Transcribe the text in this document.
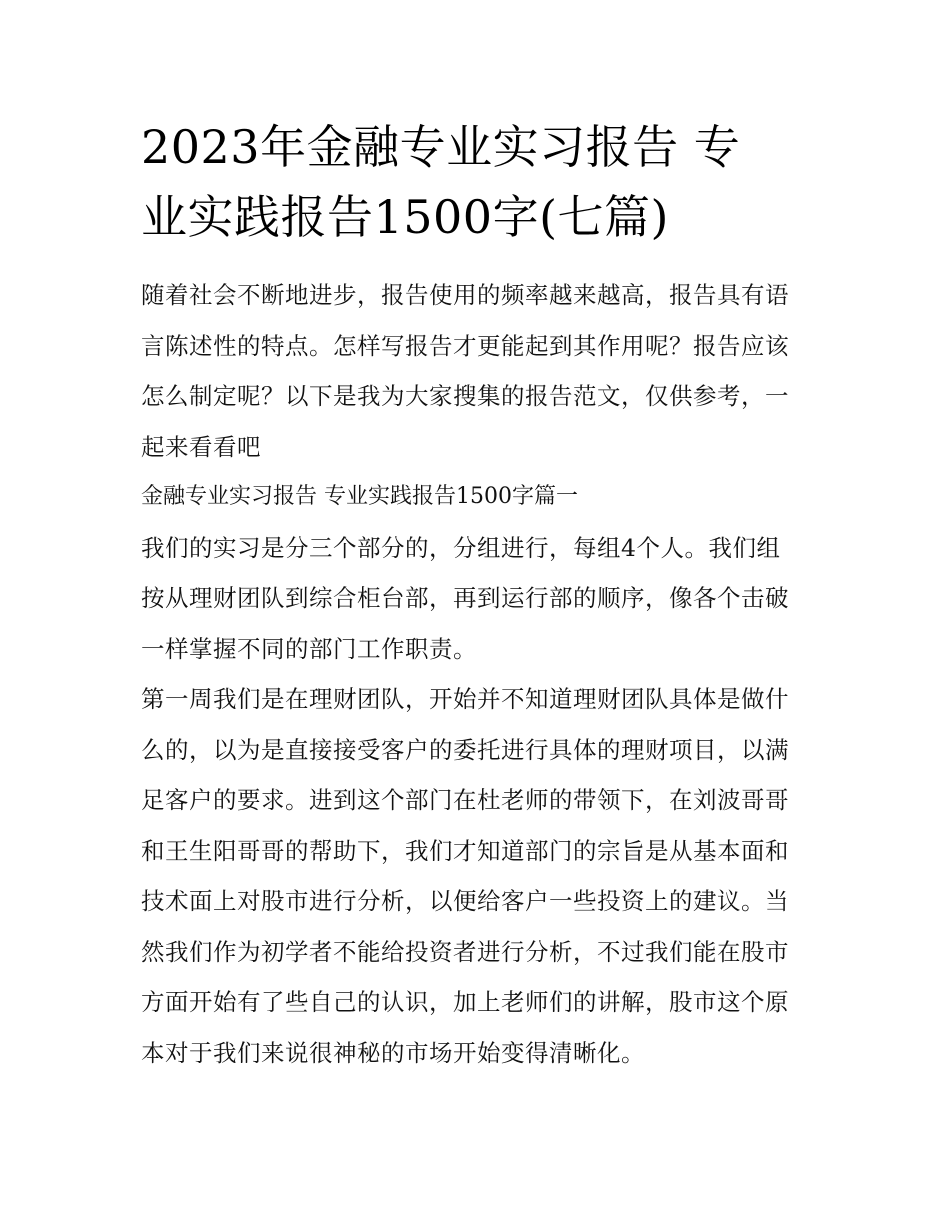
2023年金融专业实习报告 专
业实践报告1500字(七篇)

随着社会不断地进步，报告使用的频率越来越高，报告具有语
言陈述性的特点。怎样写报告才更能起到其作用呢？报告应该
怎么制定呢？以下是我为大家搜集的报告范文，仅供参考，一
起来看看吧

金融专业实习报告 专业实践报告1500字篇一

我们的实习是分三个部分的，分组进行，每组4个人。我们组
按从理财团队到综合柜台部，再到运行部的顺序，像各个击破
一样掌握不同的部门工作职责。

第一周我们是在理财团队，开始并不知道理财团队具体是做什
么的，以为是直接接受客户的委托进行具体的理财项目，以满
足客户的要求。进到这个部门在杜老师的带领下，在刘波哥哥
和王生阳哥哥的帮助下，我们才知道部门的宗旨是从基本面和
技术面上对股市进行分析，以便给客户一些投资上的建议。当
然我们作为初学者不能给投资者进行分析，不过我们能在股市
方面开始有了些自己的认识，加上老师们的讲解，股市这个原
本对于我们来说很神秘的市场开始变得清晰化。
